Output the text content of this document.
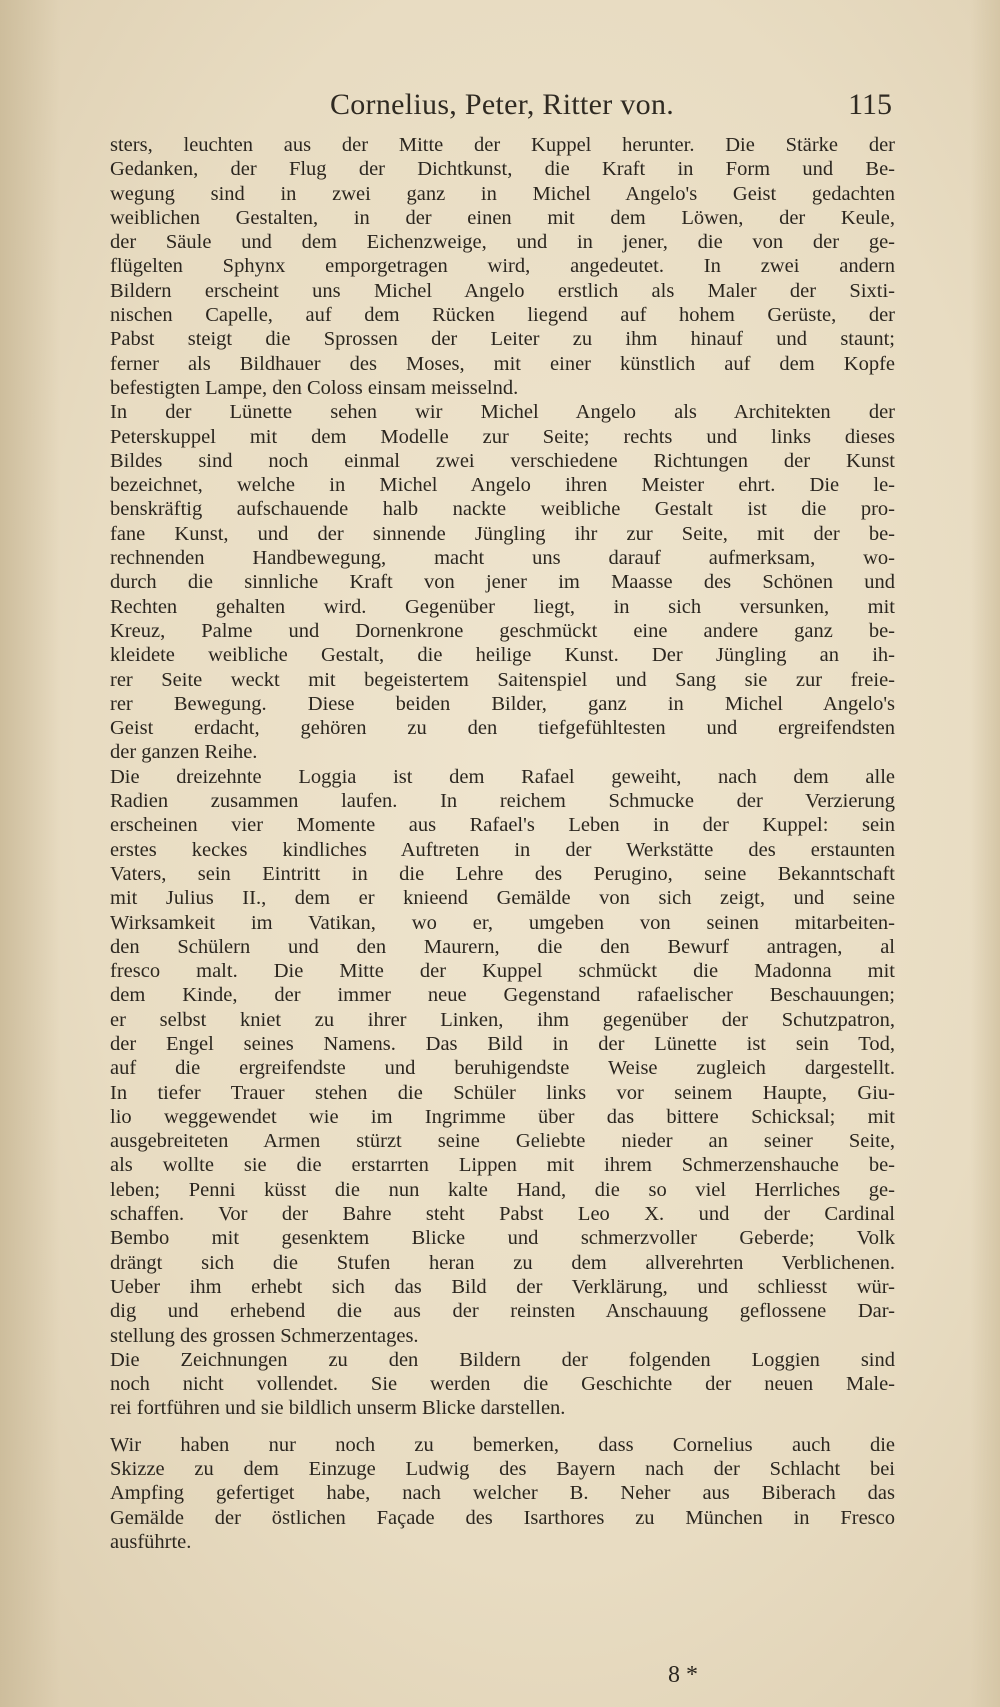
Cornelius, Peter, Ritter von.	115
sters, leuchten aus der Mitte der Kuppel herunter. Die Stärke der
Gedanken, der Flug der Dichtkunst, die Kraft in Form und Be-
wegung sind in zwei ganz in Michel Angelo's Geist gedachten
weiblichen Gestalten, in der einen mit dem Löwen, der Keule,
der Säule und dem Eichenzweige, und in jener, die von der ge-
flügelten Sphynx emporgetragen wird, angedeutet. In zwei andern
Bildern erscheint uns Michel Angelo erstlich als Maler der Sixti-
nischen Capelle, auf dem Rücken liegend auf hohem Gerüste, der
Pabst steigt die Sprossen der Leiter zu ihm hinauf und staunt;
ferner als Bildhauer des Moses, mit einer künstlich auf dem Kopfe
befestigten Lampe, den Coloss einsam meisselnd.
In der Lünette sehen wir Michel Angelo als Architekten der
Peterskuppel mit dem Modelle zur Seite; rechts und links dieses
Bildes sind noch einmal zwei verschiedene Richtungen der Kunst
bezeichnet, welche in Michel Angelo ihren Meister ehrt. Die le-
benskräftig aufschauende halb nackte weibliche Gestalt ist die pro-
fane Kunst, und der sinnende Jüngling ihr zur Seite, mit der be-
rechnenden Handbewegung, macht uns darauf aufmerksam, wo-
durch die sinnliche Kraft von jener im Maasse des Schönen und
Rechten gehalten wird. Gegenüber liegt, in sich versunken, mit
Kreuz, Palme und Dornenkrone geschmückt eine andere ganz be-
kleidete weibliche Gestalt, die heilige Kunst. Der Jüngling an ih-
rer Seite weckt mit begeistertem Saitenspiel und Sang sie zur freie-
rer Bewegung. Diese beiden Bilder, ganz in Michel Angelo's
Geist erdacht, gehören zu den tiefgefühltesten und ergreifendsten
der ganzen Reihe.
Die dreizehnte Loggia ist dem Rafael geweiht, nach dem alle
Radien zusammen laufen. In reichem Schmucke der Verzierung
erscheinen vier Momente aus Rafael's Leben in der Kuppel: sein
erstes keckes kindliches Auftreten in der Werkstätte des erstaunten
Vaters, sein Eintritt in die Lehre des Perugino, seine Bekanntschaft
mit Julius II., dem er knieend Gemälde von sich zeigt, und seine
Wirksamkeit im Vatikan, wo er, umgeben von seinen mitarbeiten-
den Schülern und den Maurern, die den Bewurf antragen, al
fresco malt. Die Mitte der Kuppel schmückt die Madonna mit
dem Kinde, der immer neue Gegenstand rafaelischer Beschauungen;
er selbst kniet zu ihrer Linken, ihm gegenüber der Schutzpatron,
der Engel seines Namens. Das Bild in der Lünette ist sein Tod,
auf die ergreifendste und beruhigendste Weise zugleich dargestellt.
In tiefer Trauer stehen die Schüler links vor seinem Haupte, Giu-
lio weggewendet wie im Ingrimme über das bittere Schicksal; mit
ausgebreiteten Armen stürzt seine Geliebte nieder an seiner Seite,
als wollte sie die erstarrten Lippen mit ihrem Schmerzenshauche be-
leben; Penni küsst die nun kalte Hand, die so viel Herrliches ge-
schaffen. Vor der Bahre steht Pabst Leo X. und der Cardinal
Bembo mit gesenktem Blicke und schmerzvoller Geberde; Volk
drängt sich die Stufen heran zu dem allverehrten Verblichenen.
Ueber ihm erhebt sich das Bild der Verklärung, und schliesst wür-
dig und erhebend die aus der reinsten Anschauung geflossene Dar-
stellung des grossen Schmerzentages.
Die Zeichnungen zu den Bildern der folgenden Loggien sind
noch nicht vollendet. Sie werden die Geschichte der neuen Male-
rei fortführen und sie bildlich unserm Blicke darstellen.
Wir haben nur noch zu bemerken, dass Cornelius auch die
Skizze zu dem Einzuge Ludwig des Bayern nach der Schlacht bei
Ampfing gefertiget habe, nach welcher B. Neher aus Biberach das
Gemälde der östlichen Façade des Isarthores zu München in Fresco
ausführte.
8 *
